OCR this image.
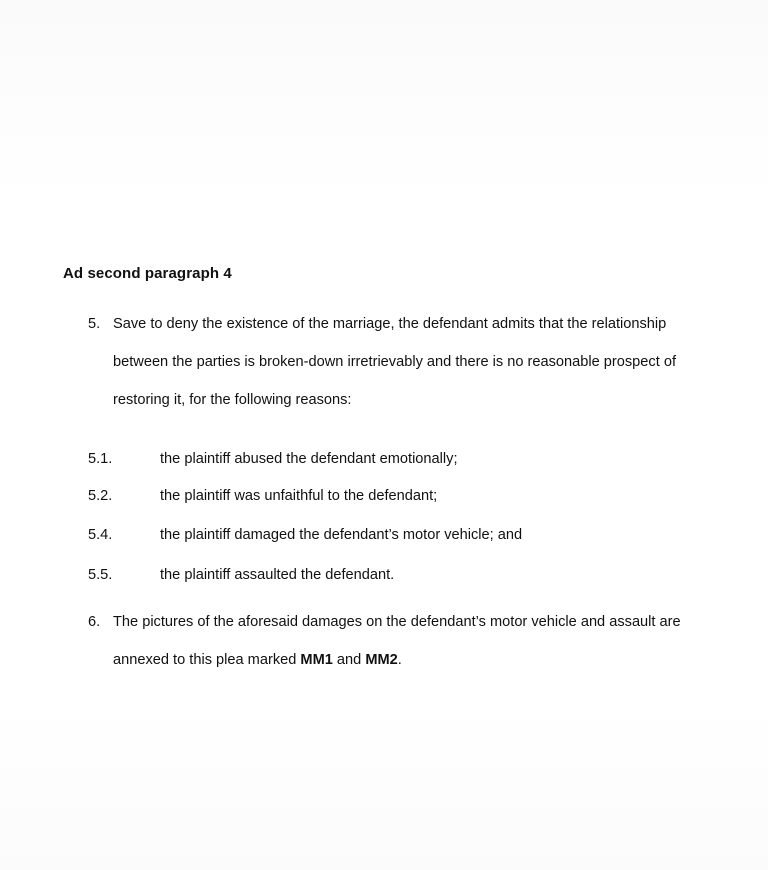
Ad second paragraph 4
5. Save to deny the existence of the marriage, the defendant admits that the relationship between the parties is broken-down irretrievably and there is no reasonable prospect of restoring it, for the following reasons:
5.1.	the plaintiff abused the defendant emotionally;
5.2.	the plaintiff was unfaithful to the defendant;
5.4.	the plaintiff damaged the defendant’s motor vehicle; and
5.5.	the plaintiff assaulted the defendant.
6. The pictures of the aforesaid damages on the defendant’s motor vehicle and assault are annexed to this plea marked MM1 and MM2.
